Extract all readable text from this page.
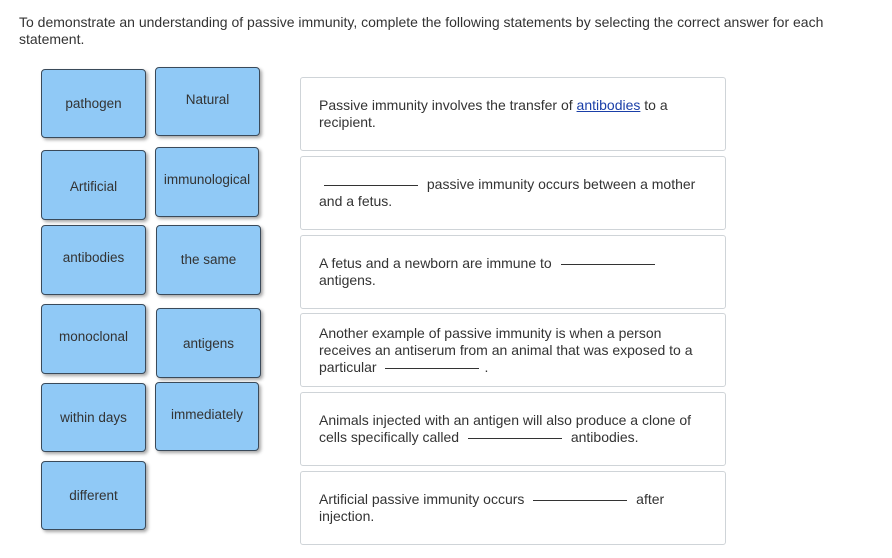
To demonstrate an understanding of passive immunity, complete the following statements by selecting the correct answer for each statement.
pathogen	Natural
Artificial	immunological
antibodies	the same
monoclonal	antigens
within days	immediately
different
Passive immunity involves the transfer of antibodies to a recipient.
passive immunity occurs between a mother and a fetus.
A fetus and a newborn are immune to  antigens.
Another example of passive immunity is when a person receives an antiserum from an animal that was exposed to a particular	.
Animals injected with an antigen will also produce a clone of cells specifically called	antibodies.
Artificial passive immunity occurs	after injection.
